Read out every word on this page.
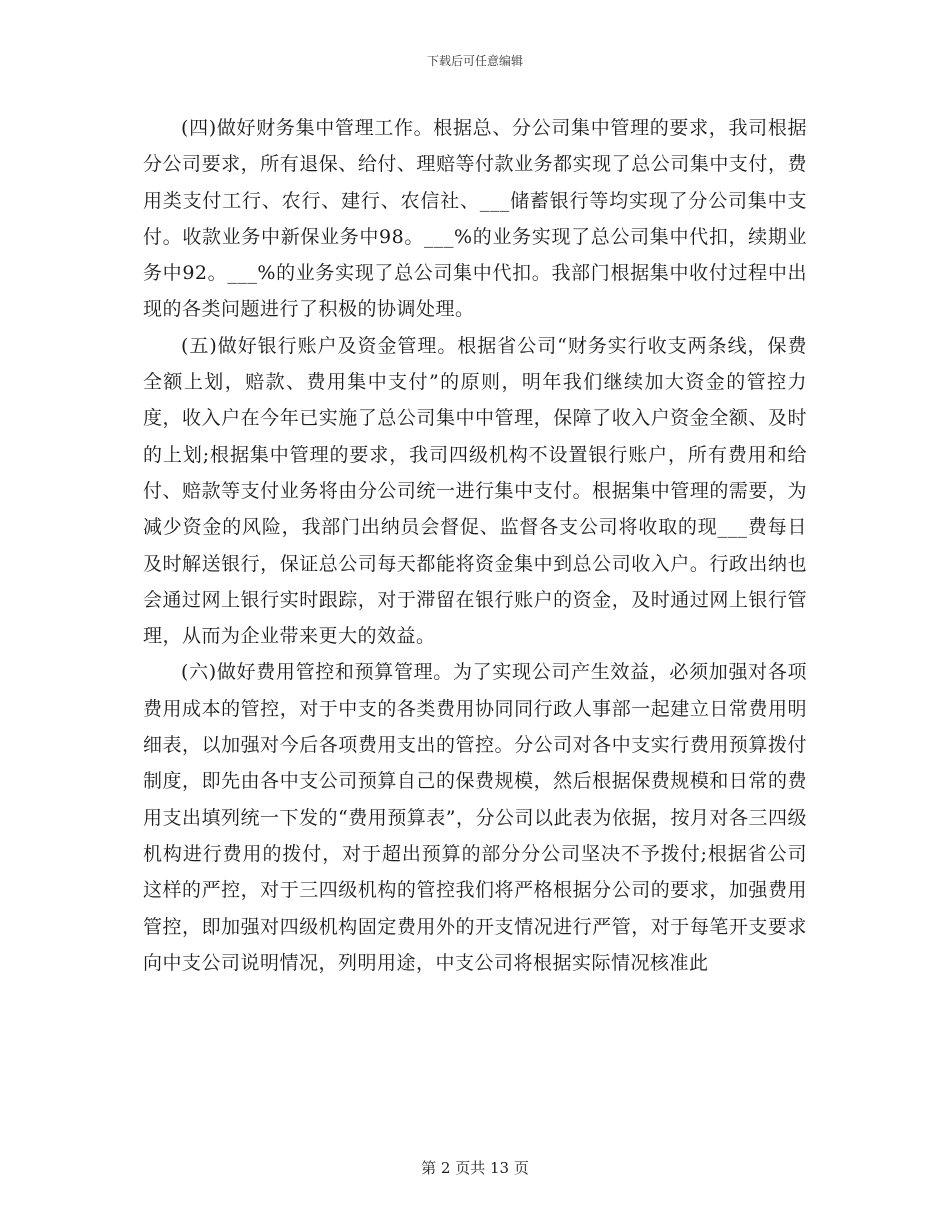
下载后可任意编辑

(四)做好财务集中管理工作。根据总、分公司集中管理的要求，我司根据分公司要求，所有退保、给付、理赔等付款业务都实现了总公司集中支付，费用类支付工行、农行、建行、农信社、___储蓄银行等均实现了分公司集中支付。收款业务中新保业务中98。___%的业务实现了总公司集中代扣，续期业务中92。___%的业务实现了总公司集中代扣。我部门根据集中收付过程中出现的各类问题进行了积极的协调处理。

(五)做好银行账户及资金管理。根据省公司“财务实行收支两条线，保费全额上划，赔款、费用集中支付”的原则，明年我们继续加大资金的管控力度，收入户在今年已实施了总公司集中中管理，保障了收入户资金全额、及时的上划;根据集中管理的要求，我司四级机构不设置银行账户，所有费用和给付、赔款等支付业务将由分公司统一进行集中支付。根据集中管理的需要，为减少资金的风险，我部门出纳员会督促、监督各支公司将收取的现___费每日及时解送银行，保证总公司每天都能将资金集中到总公司收入户。行政出纳也会通过网上银行实时跟踪，对于滞留在银行账户的资金，及时通过网上银行管理，从而为企业带来更大的效益。

(六)做好费用管控和预算管理。为了实现公司产生效益，必须加强对各项费用成本的管控，对于中支的各类费用协同同行政人事部一起建立日常费用明细表，以加强对今后各项费用支出的管控。分公司对各中支实行费用预算拨付制度，即先由各中支公司预算自己的保费规模，然后根据保费规模和日常的费用支出填列统一下发的“费用预算表”，分公司以此表为依据，按月对各三四级机构进行费用的拨付，对于超出预算的部分分公司坚决不予拨付;根据省公司这样的严控，对于三四级机构的管控我们将严格根据分公司的要求，加强费用管控，即加强对四级机构固定费用外的开支情况进行严管，对于每笔开支要求向中支公司说明情况，列明用途，中支公司将根据实际情况核准此

第 2 页共 13 页
